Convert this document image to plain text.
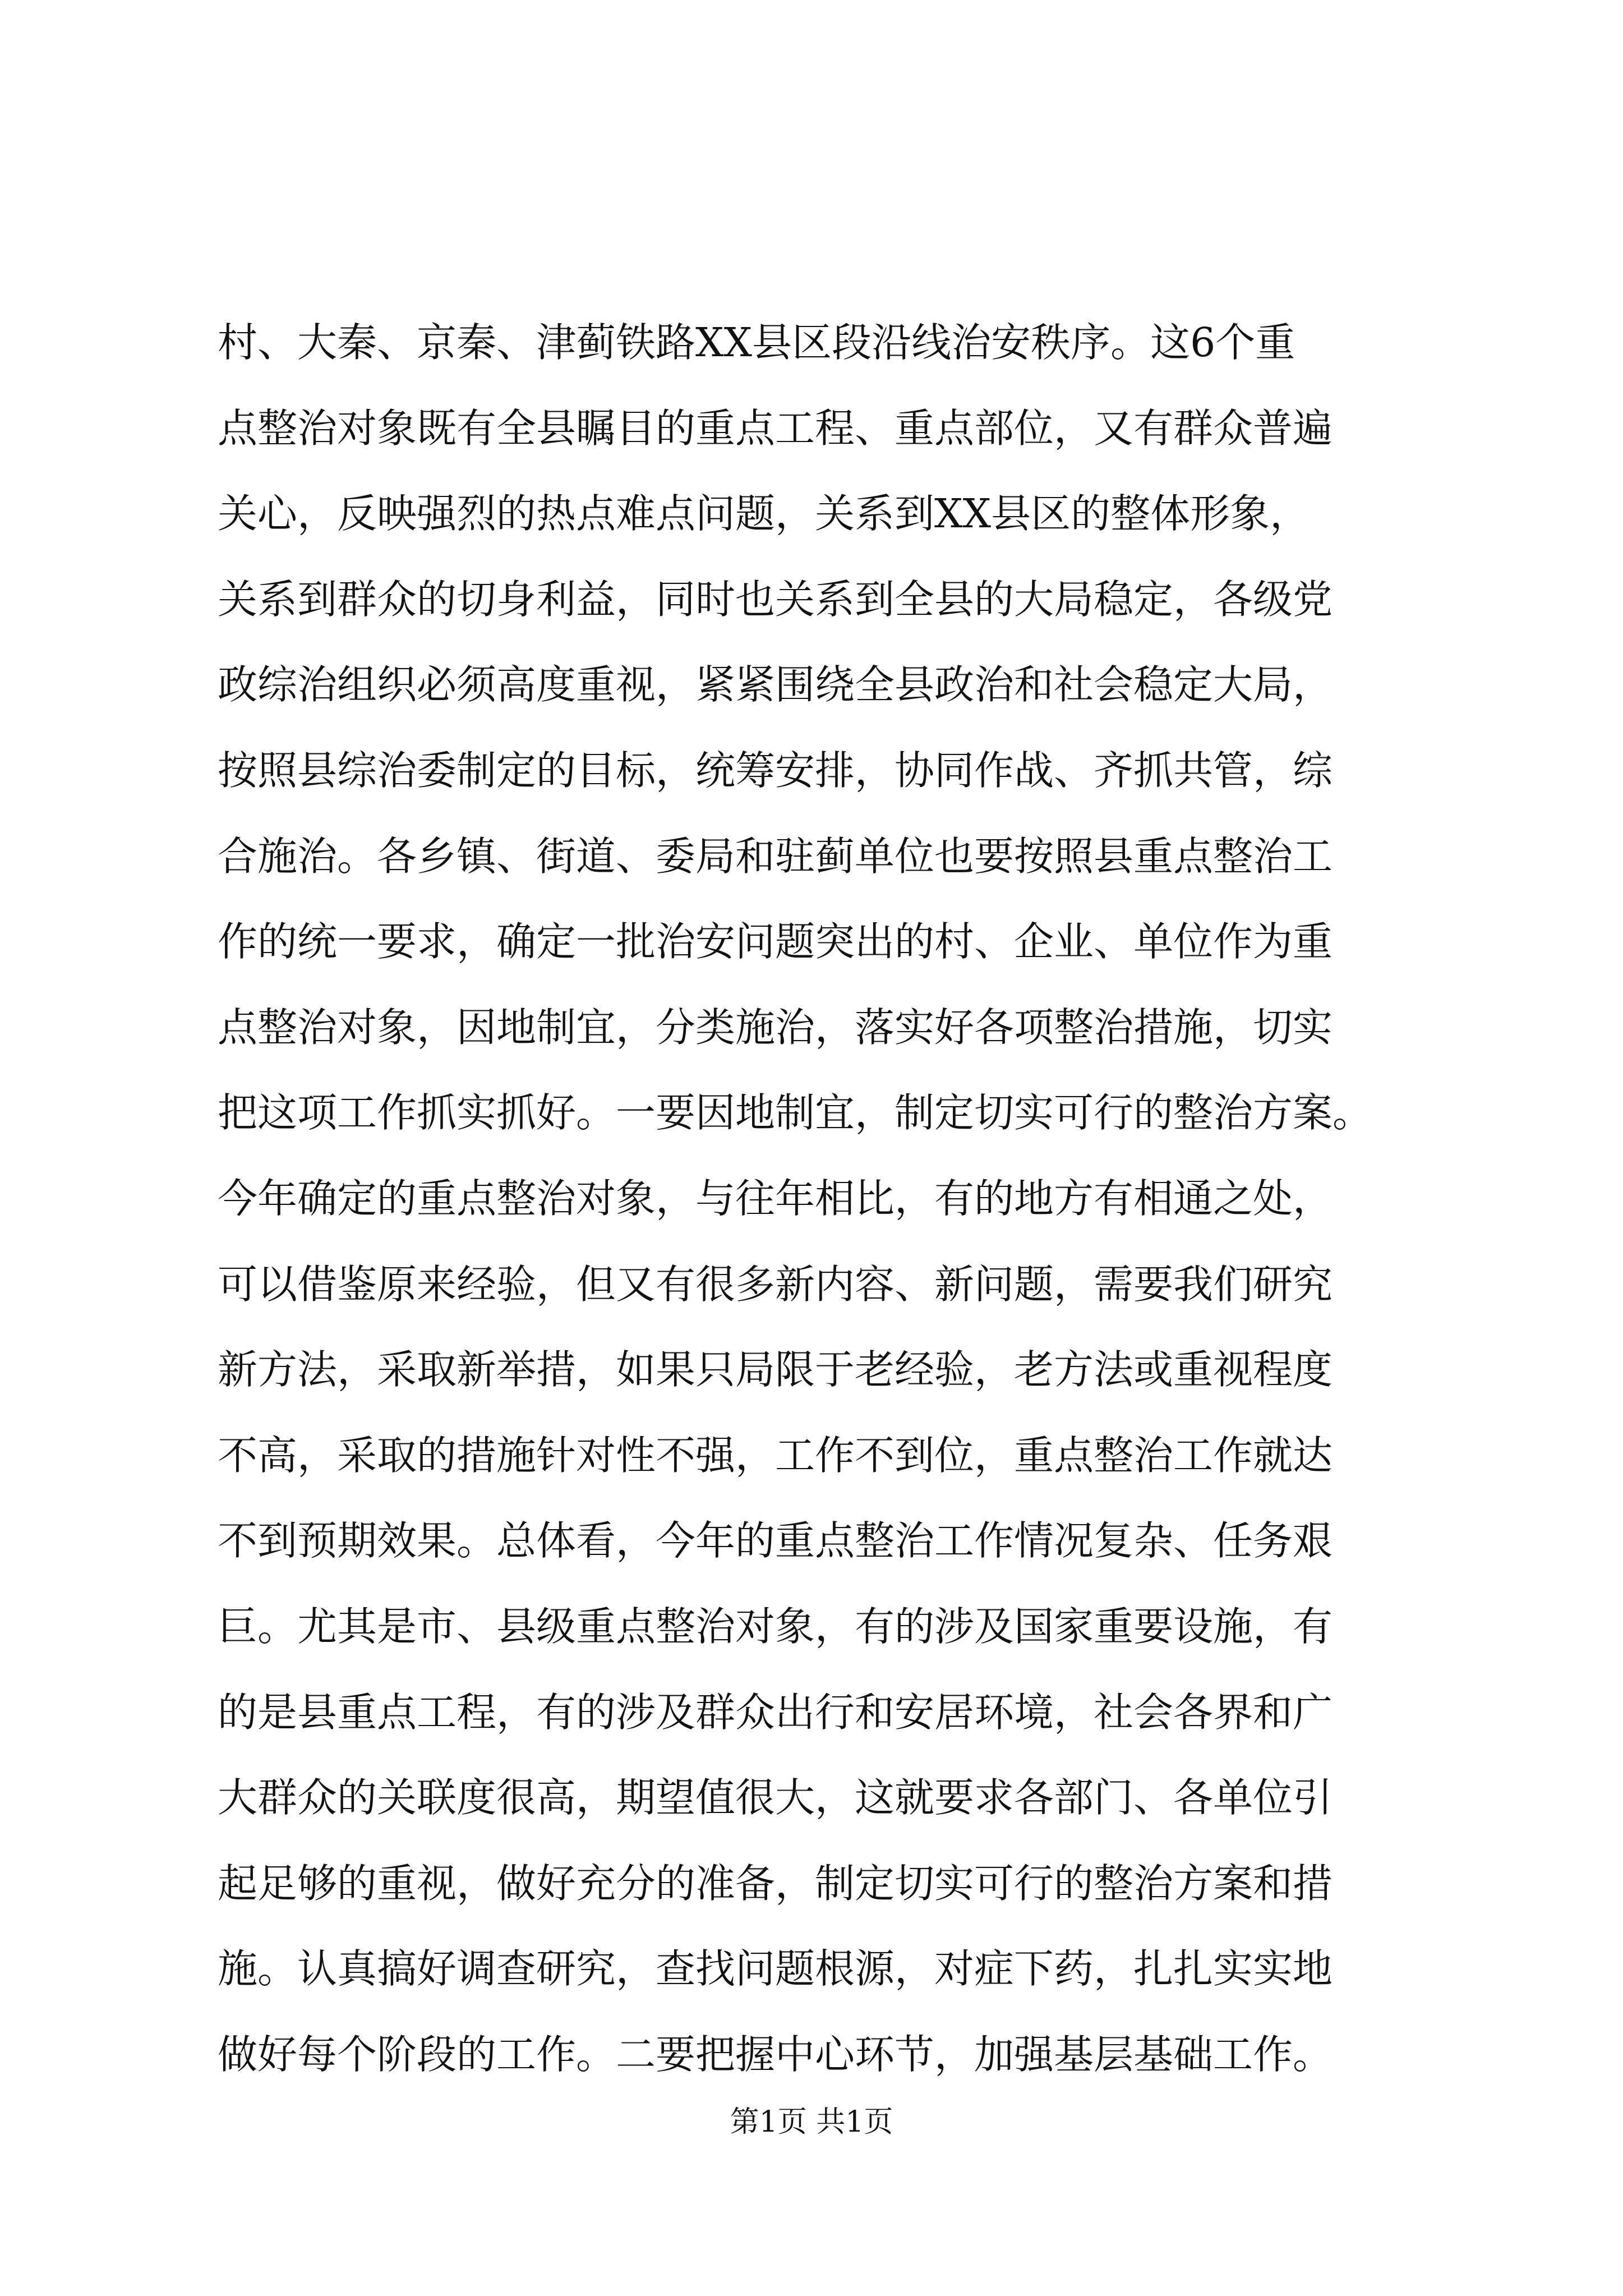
村、大秦、京秦、津蓟铁路XX县区段沿线治安秩序。这6个重
点整治对象既有全县瞩目的重点工程、重点部位，又有群众普遍
关心，反映强烈的热点难点问题，关系到XX县区的整体形象，
关系到群众的切身利益，同时也关系到全县的大局稳定，各级党
政综治组织必须高度重视，紧紧围绕全县政治和社会稳定大局，
按照县综治委制定的目标，统筹安排，协同作战、齐抓共管，综
合施治。各乡镇、街道、委局和驻蓟单位也要按照县重点整治工
作的统一要求，确定一批治安问题突出的村、企业、单位作为重
点整治对象，因地制宜，分类施治，落实好各项整治措施，切实
把这项工作抓实抓好。一要因地制宜，制定切实可行的整治方案。
今年确定的重点整治对象，与往年相比，有的地方有相通之处，
可以借鉴原来经验，但又有很多新内容、新问题，需要我们研究
新方法，采取新举措，如果只局限于老经验，老方法或重视程度
不高，采取的措施针对性不强，工作不到位，重点整治工作就达
不到预期效果。总体看，今年的重点整治工作情况复杂、任务艰
巨。尤其是市、县级重点整治对象，有的涉及国家重要设施，有
的是县重点工程，有的涉及群众出行和安居环境，社会各界和广
大群众的关联度很高，期望值很大，这就要求各部门、各单位引
起足够的重视，做好充分的准备，制定切实可行的整治方案和措
施。认真搞好调查研究，查找问题根源，对症下药，扎扎实实地
做好每个阶段的工作。二要把握中心环节，加强基层基础工作。
第1页 共1页
